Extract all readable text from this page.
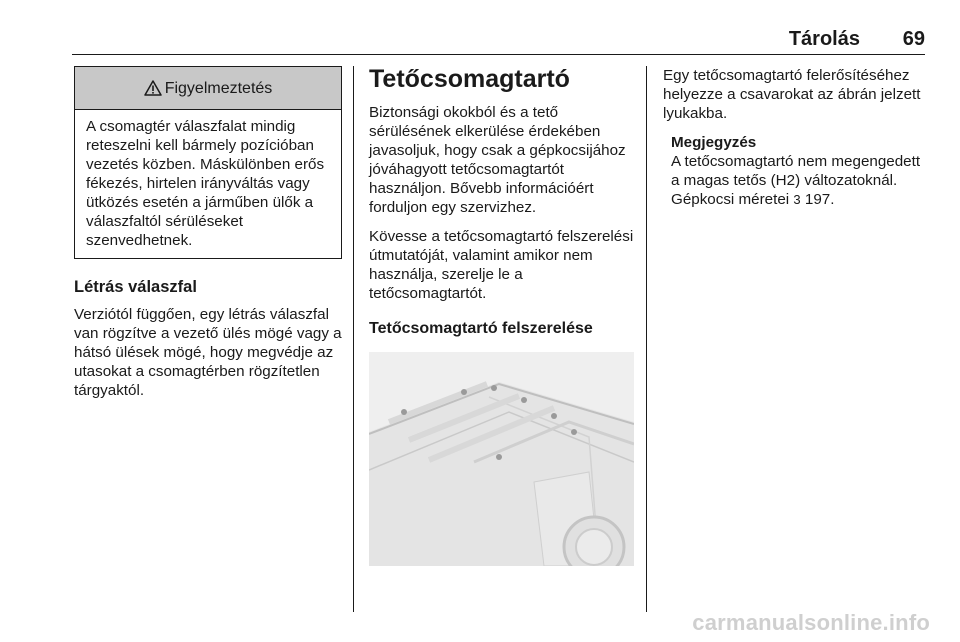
Tárolás	69
Figyelmeztetés
A csomagtér válaszfalat mindig reteszelni kell bármely pozícióban vezetés közben. Máskülönben erős fékezés, hirtelen irányváltás vagy ütközés esetén a járműben ülők a válaszfaltól sérüléseket szenvedhetnek.
Létrás válaszfal

Verziótól függően, egy létrás válaszfal van rögzítve a vezető ülés mögé vagy a hátsó ülések mögé, hogy megvédje az utasokat a csomagtérben rögzítetlen tárgyaktól.

Tetőcsomagtartó

Biztonsági okokból és a tető sérülésének elkerülése érdekében javasoljuk, hogy csak a gépkocsijához jóváhagyott tetőcsomagtartót használjon. Bővebb információért forduljon egy szervizhez.

Kövesse a tetőcsomagtartó felszerelési útmutatóját, valamint amikor nem használja, szerelje le a tetőcsomagtartót.

Tetőcsomagtartó felszerelése

Egy tetőcsomagtartó felerősítéséhez helyezze a csavarokat az ábrán jelzett lyukakba.

Megjegyzés

A tetőcsomagtartó nem megengedett a magas tetős (H2) változatoknál.

Gépkocsi méretei 3 197.

carmanualsonline.info
